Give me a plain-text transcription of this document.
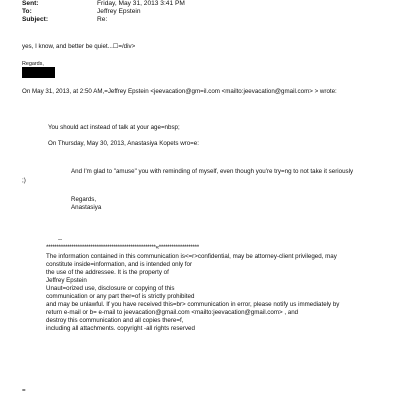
Sent:	Friday, May 31, 2013 3:41 PM
To:	Jeffrey Epstein
Subject:	Re:
yes, I know, and better be quiet...☐=/div>
Regards,
On May 31, 2013, at 2:50 AM,=Jeffrey Epstein <jeevacation@gm=il.com <mailto:jeevacation@gmail.com> > wrote:
You should act instead of talk at your age=nbsp;
On Thursday, May 30, 2013, Anastasiya Kopets wro=e:
And I'm glad to "amuse" you with reminding of myself, even though you're try=ng to not take it seriously
;)
Regards,
Anastasiya
--
****************************************************«*******************
The information contained in this communication is<=r>confidential, may be attorney-client privileged, may
constitute inside=information, and is intended only for
the use of the addressee. It is the property of
Jeffrey Epstein
Unaut=orized use, disclosure or copying of this
communication or any part ther=of is strictly prohibited
and may be unlawful. If you have received this=br> communication in error, please notify us immediately by
return e-mail or b= e-mail to jeevacation@gmail.com <mailto:jeevacation@gmail.com> , and
destroy this communication and all copies there=f,
including all attachments. copyright -all rights reserved
=
